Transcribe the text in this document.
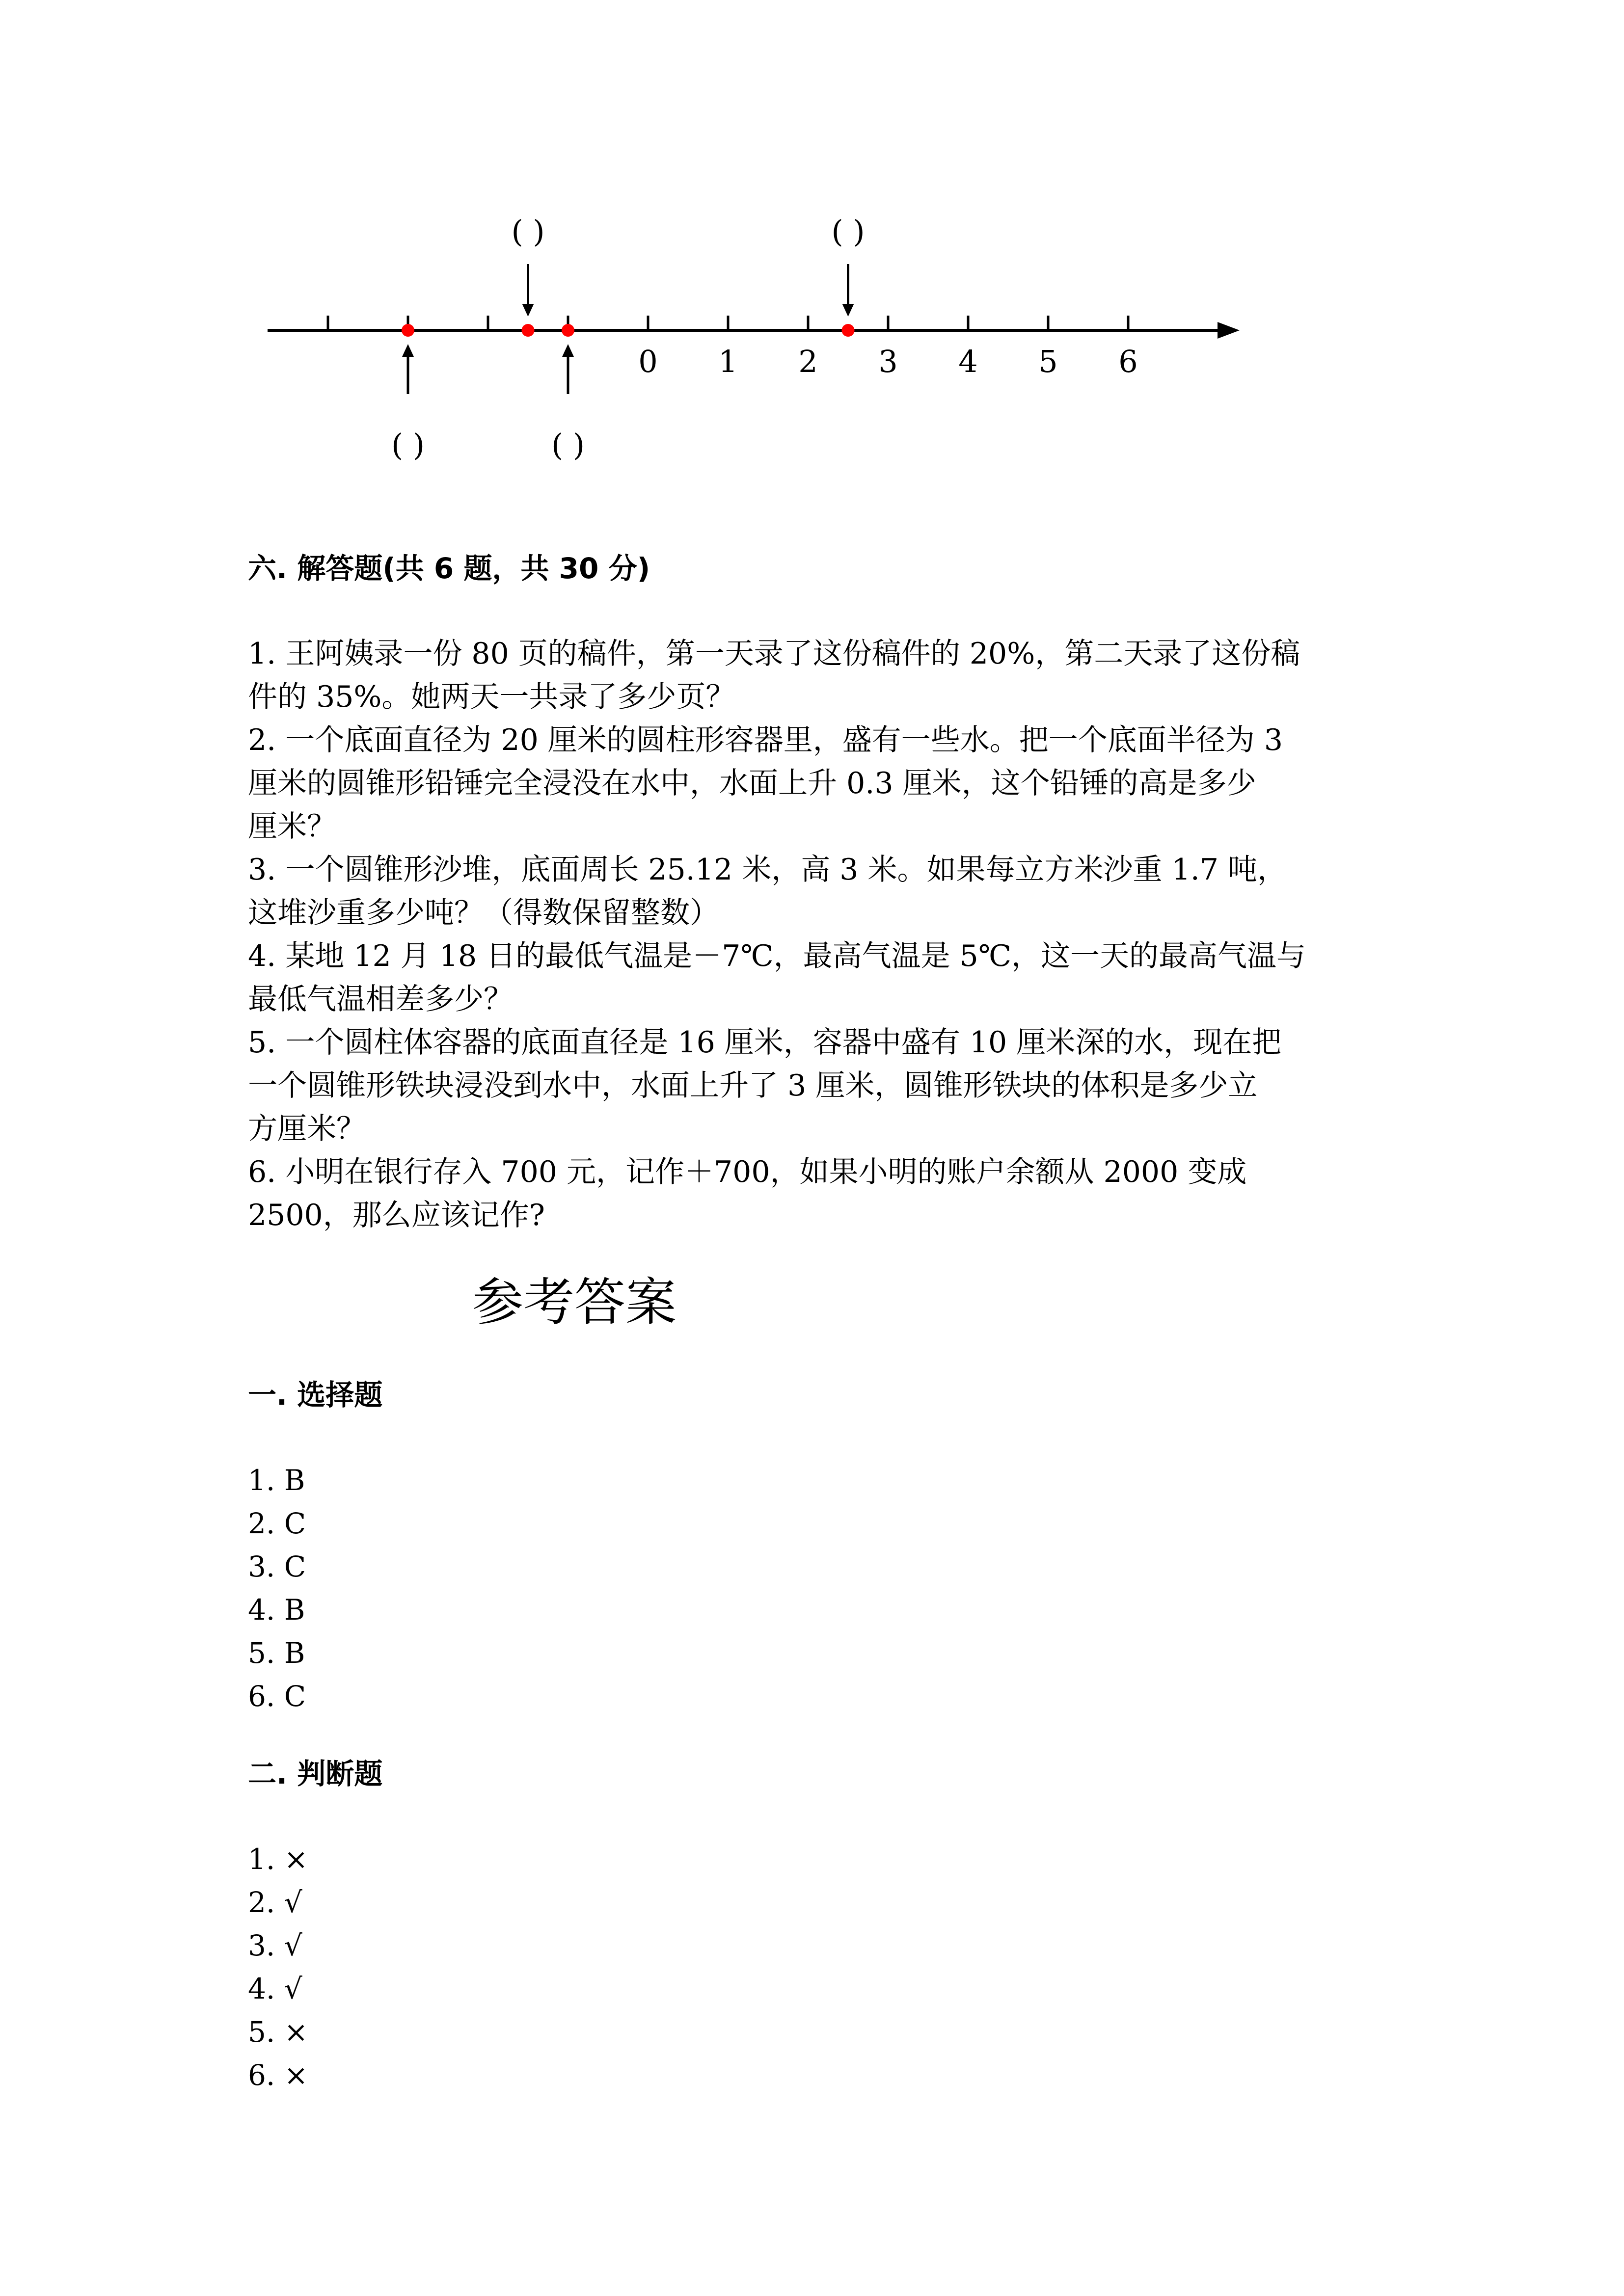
0 1 2 3 4 5 6
( )
( )
( )
( )
六. 解答题(共 6 题，共 30 分)

1. 王阿姨录一份 80 页的稿件，第一天录了这份稿件的 20%，第二天录了这份稿

件的 35%。她两天一共录了多少页？

2. 一个底面直径为 20 厘米的圆柱形容器里，盛有一些水。把一个底面半径为 3

厘米的圆锥形铅锤完全浸没在水中，水面上升 0.3 厘米，这个铅锤的高是多少

厘米？

3. 一个圆锥形沙堆，底面周长 25.12 米，高 3 米。如果每立方米沙重 1.7 吨，

这堆沙重多少吨？（得数保留整数）

4. 某地 12 月 18 日的最低气温是－7℃，最高气温是 5℃，这一天的最高气温与

最低气温相差多少？

5. 一个圆柱体容器的底面直径是 16 厘米，容器中盛有 10 厘米深的水，现在把

一个圆锥形铁块浸没到水中，水面上升了 3 厘米，圆锥形铁块的体积是多少立

方厘米？

6. 小明在银行存入 700 元，记作＋700，如果小明的账户余额从 2000 变成

2500，那么应该记作?

参考答案
一. 选择题

1. B

2. C

3. C

4. B

5. B

6. C

二. 判断题

1. ×

2. √

3. √

4. √

5. ×

6. ×
